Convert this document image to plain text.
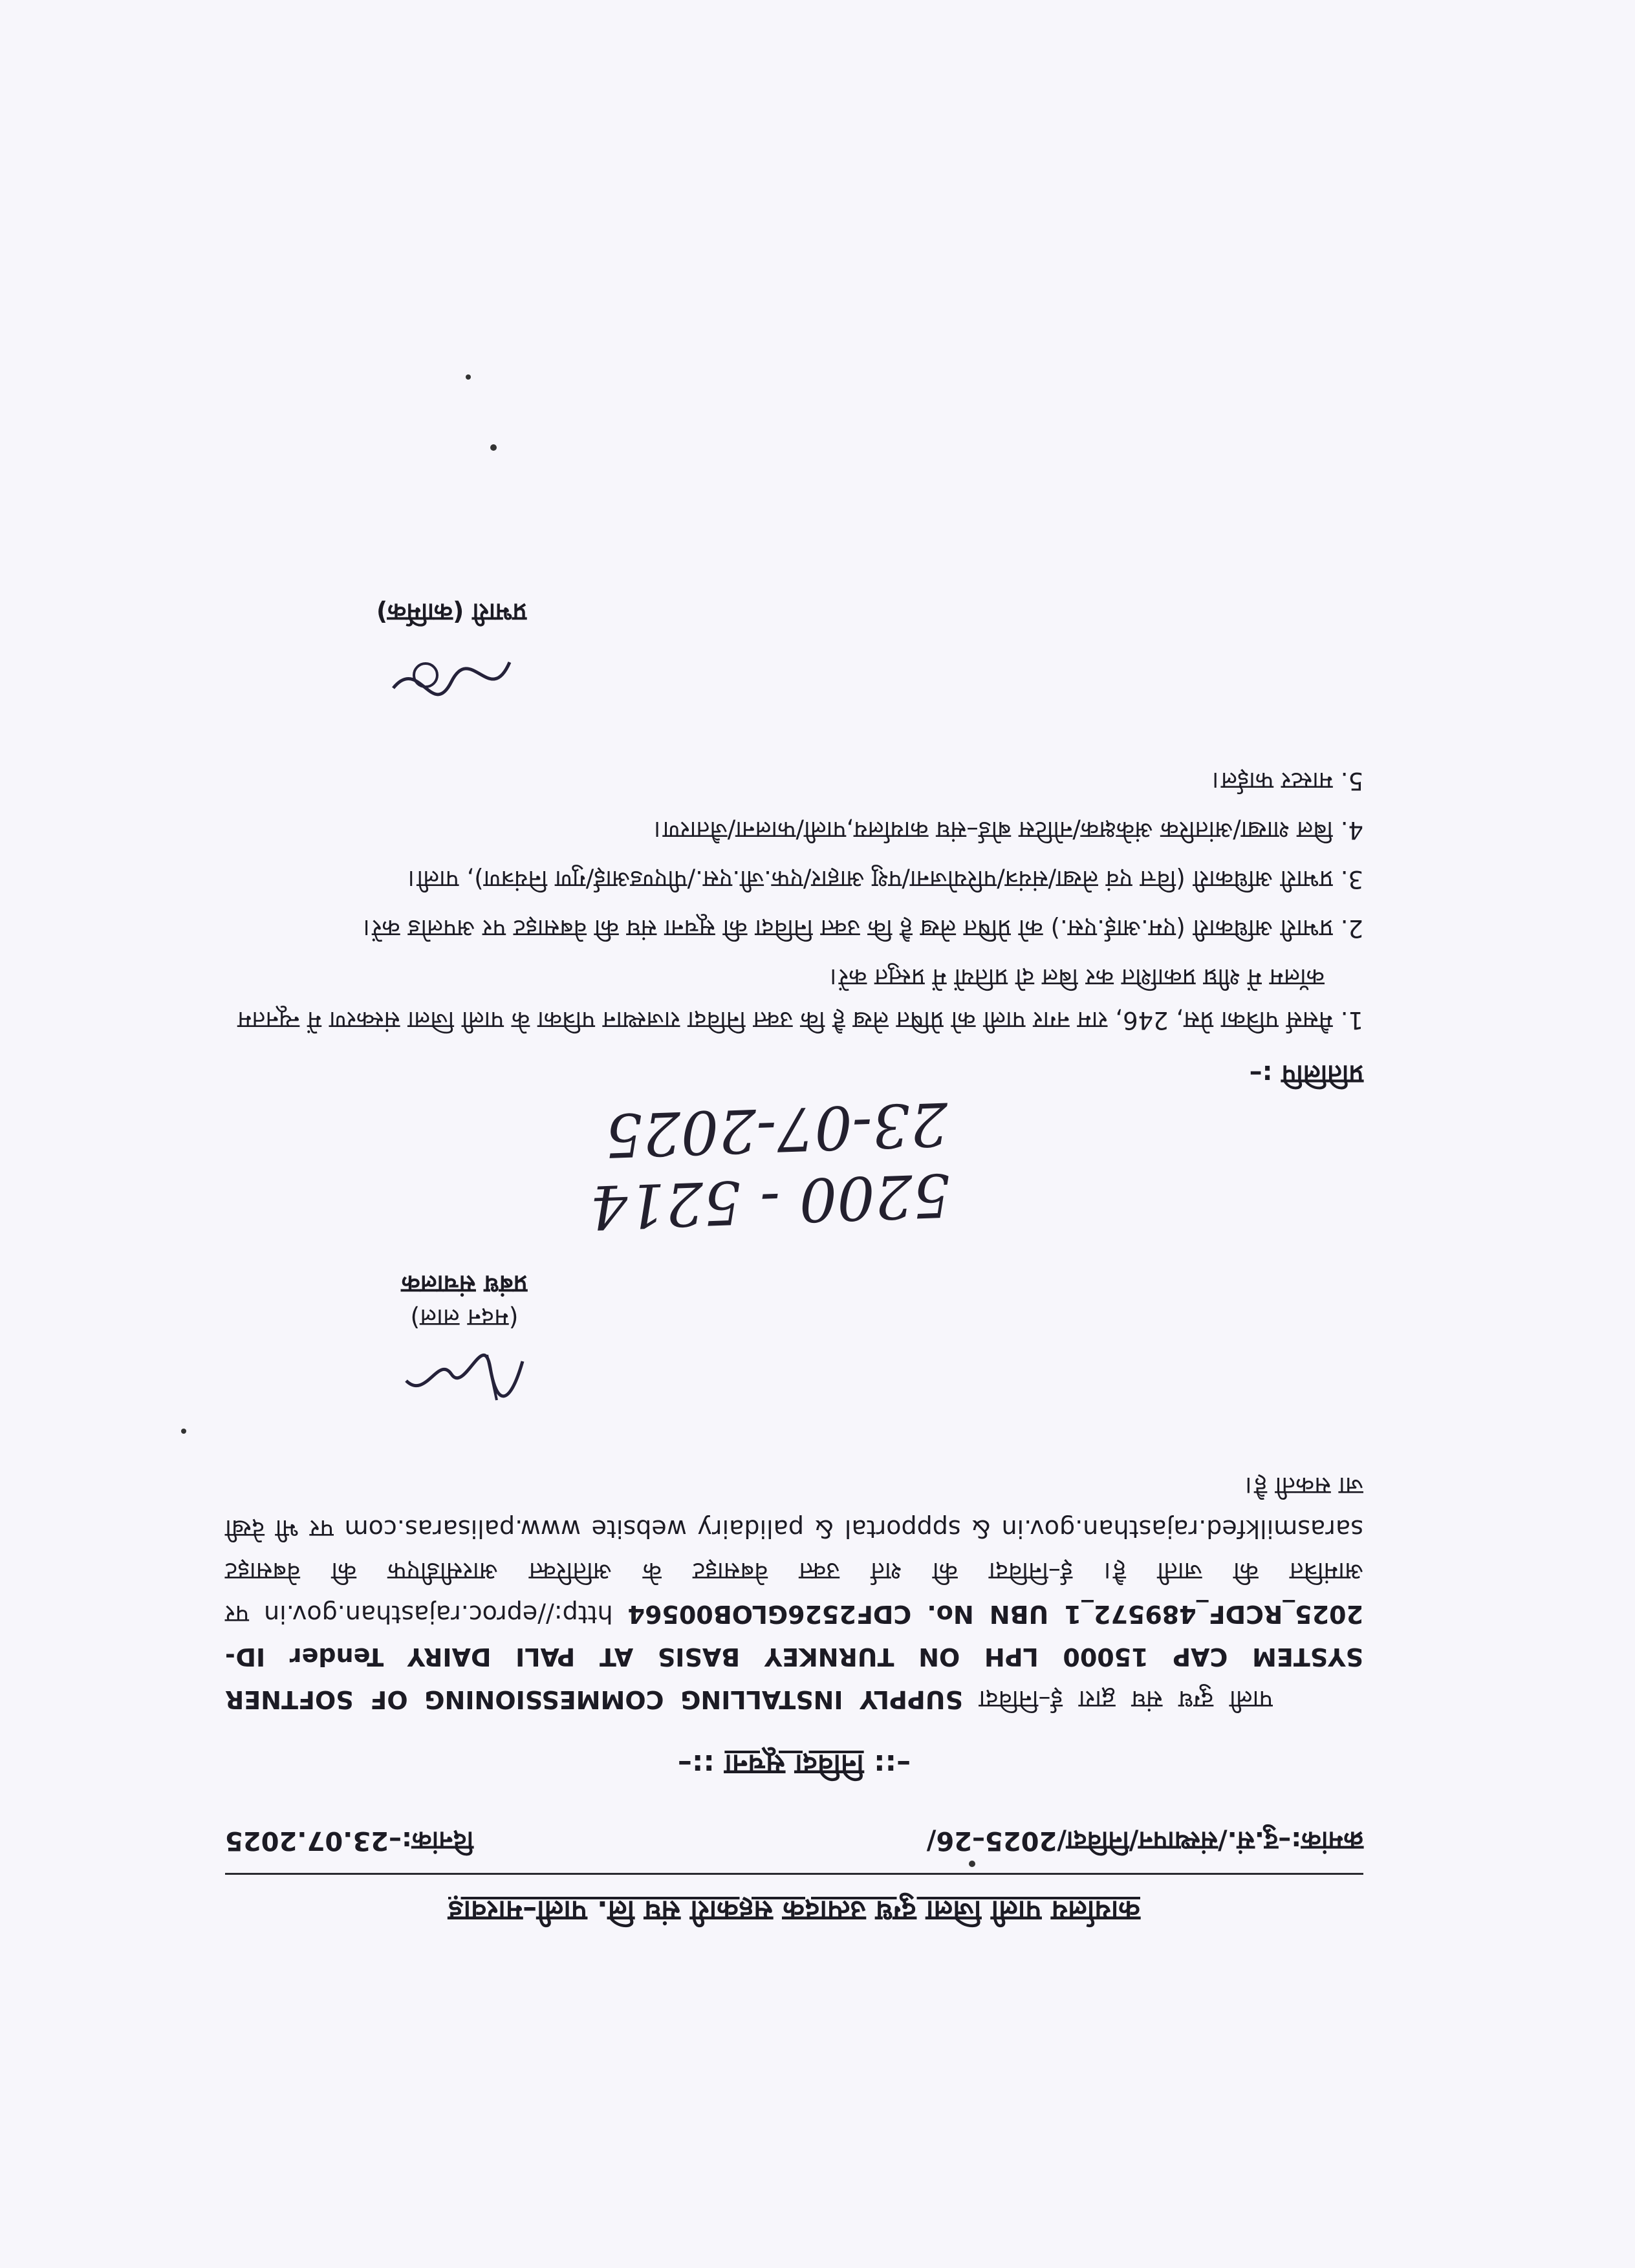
कार्यालय पाली जिला दुग्ध उत्पादक सहकारी संघ लि. पाली–मारवाड़
क्रमांक:–दु.सं./संस्थापन/निविदा/2025–26/
दिनांक:–23.07.2025
–:: निविदा सूचना ::–

पाली दुग्ध संघ द्वारा ई–निविदा SUPPLY INSTALLING COMMESSIONING OF SOFTNER SYSTEM CAP 15000 LPH ON TURNKEY BASIS AT PALI DAIRY Tender ID-2025_RCDF_489572_1 UBN No. CDF2526GLOB00564 http://eproc.rajasthan.gov.in पर आमंत्रित की जाती है। ई–निविदा की शर्त उक्त वेबसाइट के अतिरिक्त आरसीडीएफ की वेबसाइट sarasmilkfed.rajasthan.gov.in & sppportal & palidairy website www.palisaras.com पर भी देखी जा सकती है।

(मदन लाल)
प्रबंध संचालक
5200 - 5214
23-07-2025
प्रतिलिपि :–

1. मैसर्स पत्रिका प्रेस, 246, राम नगर पाली को प्रेषित लेख है कि उक्त निविदा राजस्थान पत्रिका के पाली जिला संस्करण में न्यूनतम कॉलम में शीघ्र प्रकाशित कर बिल दो प्रतियों में प्रस्तुत करें।

2. प्रभारी अधिकारी (एम.आई.एस.) को प्रेषित लेख है कि उक्त निविदा की सूचना संघ की वेबसाइट पर अपलोड करें।

3. प्रभारी अधिकारी (वित्त एवं लेखा/संयंत्र/परियोजना/पशु आहार/एफ.जी.एस./पीएण्डआई/गुण नियंत्रण), पाली।

4. बिल शाखा/आंतरिक अंकेक्षक/नोटिस बोर्ड–संघ कार्यालय,पाली/फालना/जैतारण।

5. मास्टर फाईल।

प्रभारी (कार्मिक)
